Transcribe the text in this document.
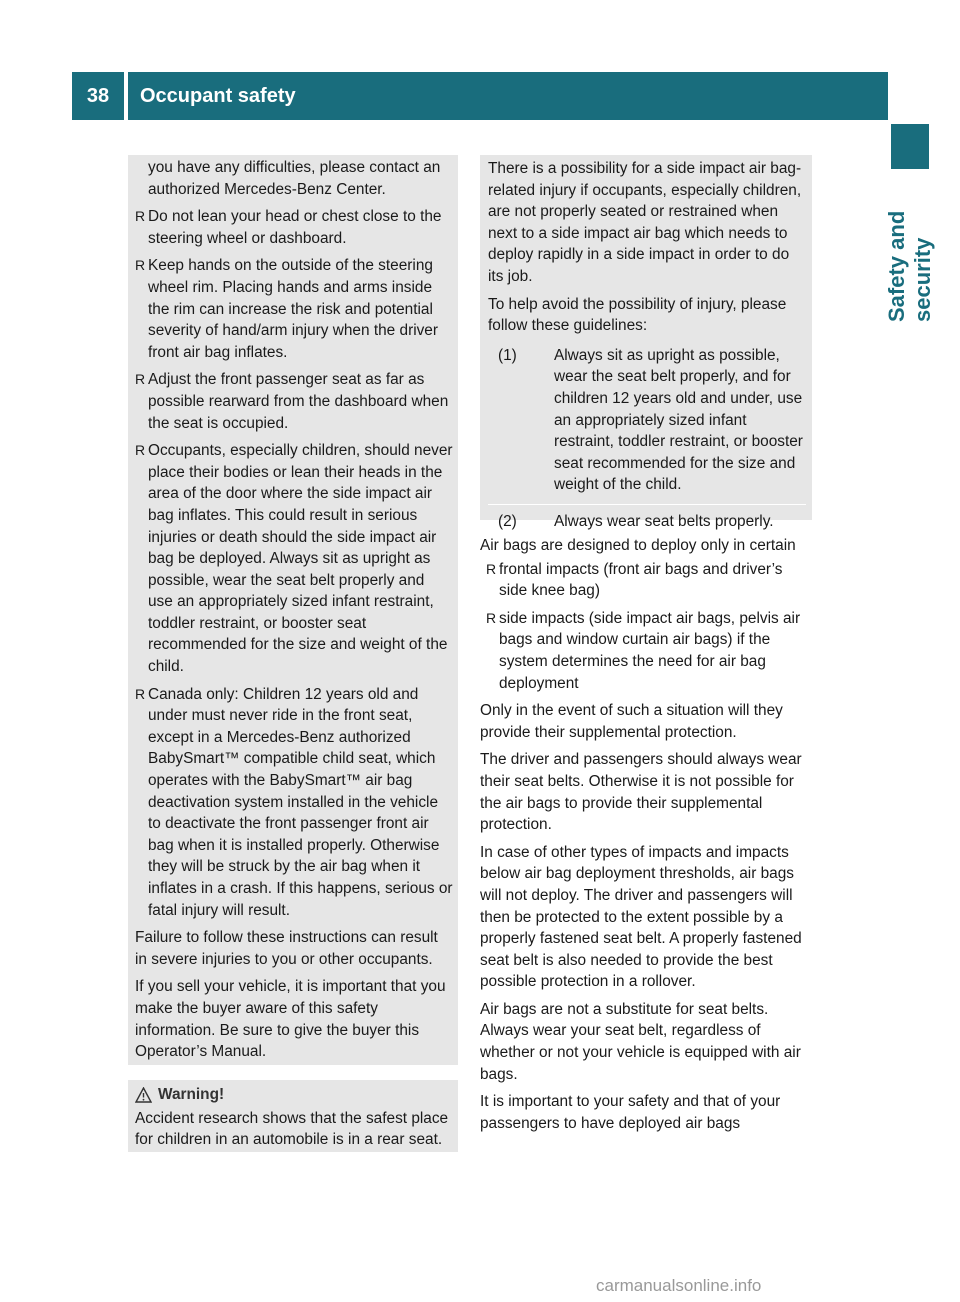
38	Occupant safety
Safety and security
you have any difficulties, please contact an authorized Mercedes-Benz Center.
R Do not lean your head or chest close to the steering wheel or dashboard.
R Keep hands on the outside of the steering wheel rim. Placing hands and arms inside the rim can increase the risk and potential severity of hand/arm injury when the driver front air bag inflates.
R Adjust the front passenger seat as far as possible rearward from the dashboard when the seat is occupied.
R Occupants, especially children, should never place their bodies or lean their heads in the area of the door where the side impact air bag inflates. This could result in serious injuries or death should the side impact air bag be deployed. Always sit as upright as possible, wear the seat belt properly and use an appropriately sized infant restraint, toddler restraint, or booster seat recommended for the size and weight of the child.
R Canada only: Children 12 years old and under must never ride in the front seat, except in a Mercedes-Benz authorized BabySmart™ compatible child seat, which operates with the BabySmart™ air bag deactivation system installed in the vehicle to deactivate the front passenger front air bag when it is installed properly. Otherwise they will be struck by the air bag when it inflates in a crash. If this happens, serious or fatal injury will result.

Failure to follow these instructions can result in severe injuries to you or other occupants.

If you sell your vehicle, it is important that you make the buyer aware of this safety information. Be sure to give the buyer this Operator’s Manual.

Warning!
Accident research shows that the safest place for children in an automobile is in a rear seat.

There is a possibility for a side impact air bag-related injury if occupants, especially children, are not properly seated or restrained when next to a side impact air bag which needs to deploy rapidly in a side impact in order to do its job.

To help avoid the possibility of injury, please follow these guidelines:

(1)	Always sit as upright as possible, wear the seat belt properly, and for children 12 years old and under, use an appropriately sized infant restraint, toddler restraint, or booster seat recommended for the size and weight of the child.
(2)	Always wear seat belts properly.

Air bags are designed to deploy only in certain

R frontal impacts (front air bags and driver’s side knee bag)
R side impacts (side impact air bags, pelvis air bags and window curtain air bags) if the system determines the need for air bag deployment

Only in the event of such a situation will they provide their supplemental protection.

The driver and passengers should always wear their seat belts. Otherwise it is not possible for the air bags to provide their supplemental protection.

In case of other types of impacts and impacts below air bag deployment thresholds, air bags will not deploy. The driver and passengers will then be protected to the extent possible by a properly fastened seat belt. A properly fastened seat belt is also needed to provide the best possible protection in a rollover.

Air bags are not a substitute for seat belts. Always wear your seat belt, regardless of whether or not your vehicle is equipped with air bags.

It is important to your safety and that of your passengers to have deployed air bags

carmanualsonline.info
